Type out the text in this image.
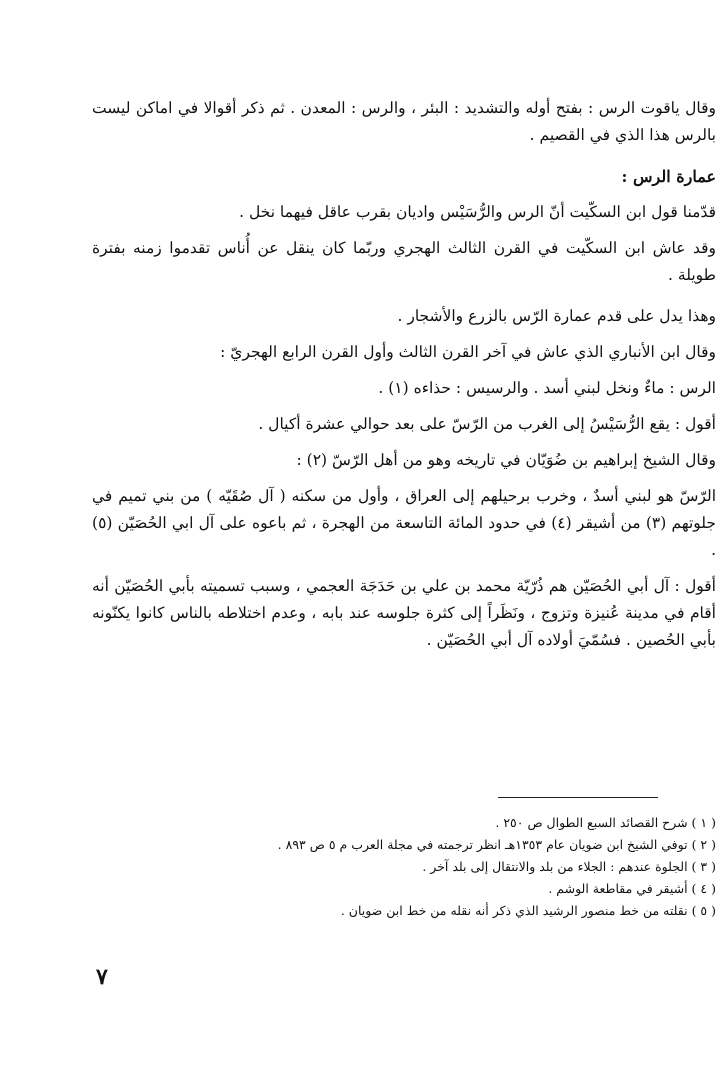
وقال ياقوت الرس : بفتح أوله والتشديد : البئر ، والرس : المعدن . ثم ذكر أقوالا في اماكن ليست بالرس هذا الذي في القصيم .

عمارة الرس :

قدّمنا قول ابن السكّيت أنّ الرس والرُّسَيْس واديان بقرب عاقل فيهما نخل .

وقد عاش ابن السكّيت في القرن الثالث الهجري وربّما كان ينقل عن أُناس تقدموا زمنه بفترة طويلة .

وهذا يدل على قدم عمارة الرّس بالزرع والأشجار .

وقال ابن الأنباري الذي عاش في آخر القرن الثالث وأول القرن الرابع الهجريّ :

الرس : ماءٌ ونخل لبني أسد . والرسيس : حذاءه (١) .

أقول : يقع الرُّسَيْسُ إلى الغرب من الرّسّ على بعد حوالي عشرة أكيال .

وقال الشيخ إبراهيم بن ضُوَيّان في تاريخه وهو من أهل الرّسّ (٢) :

الرّسّ هو لبني أسدٌ ، وخرب برحيلهم إلى العراق ، وأول من سكنه ( آل صُقَيّه ) من بني تميم في جلوتهم (٣) من أشيقر (٤) في حدود المائة التاسعة من الهجرة ، ثم باعوه على آل ابي الحُصَيّن (٥) .

أقول : آل أبي الحُصَيّن هم ذُرّيّة محمد بن علي بن حَدَجَة العجمي ، وسبب تسميته بأبي الحُصَيّن أنه أقام في مدينة عُنيزة وتزوج ، ونَظَراً إلى كثرة جلوسه عند بابه ، وعدم اختلاطه بالناس كانوا يكنّونه بأبي الحُصين . فسُمّيَ أولاده آل أبي الحُصَيّن .

( ١ ) شرح القصائد السبع الطوال ص ٢٥٠ .

( ٢ ) توفي الشيخ ابن ضويان عام ١٣٥٣هـ انظر ترجمته في مجلة العرب م ٥ ص ٨٩٣ .

( ٣ ) الجلوة عندهم : الجلاء من بلد والانتقال إلى بلد آخر .

( ٤ ) أشيقر في مقاطعة الوشم .

( ٥ ) نقلته من خط منصور الرشيد الذي ذكر أنه نقله من خط ابن ضويان .

٧
